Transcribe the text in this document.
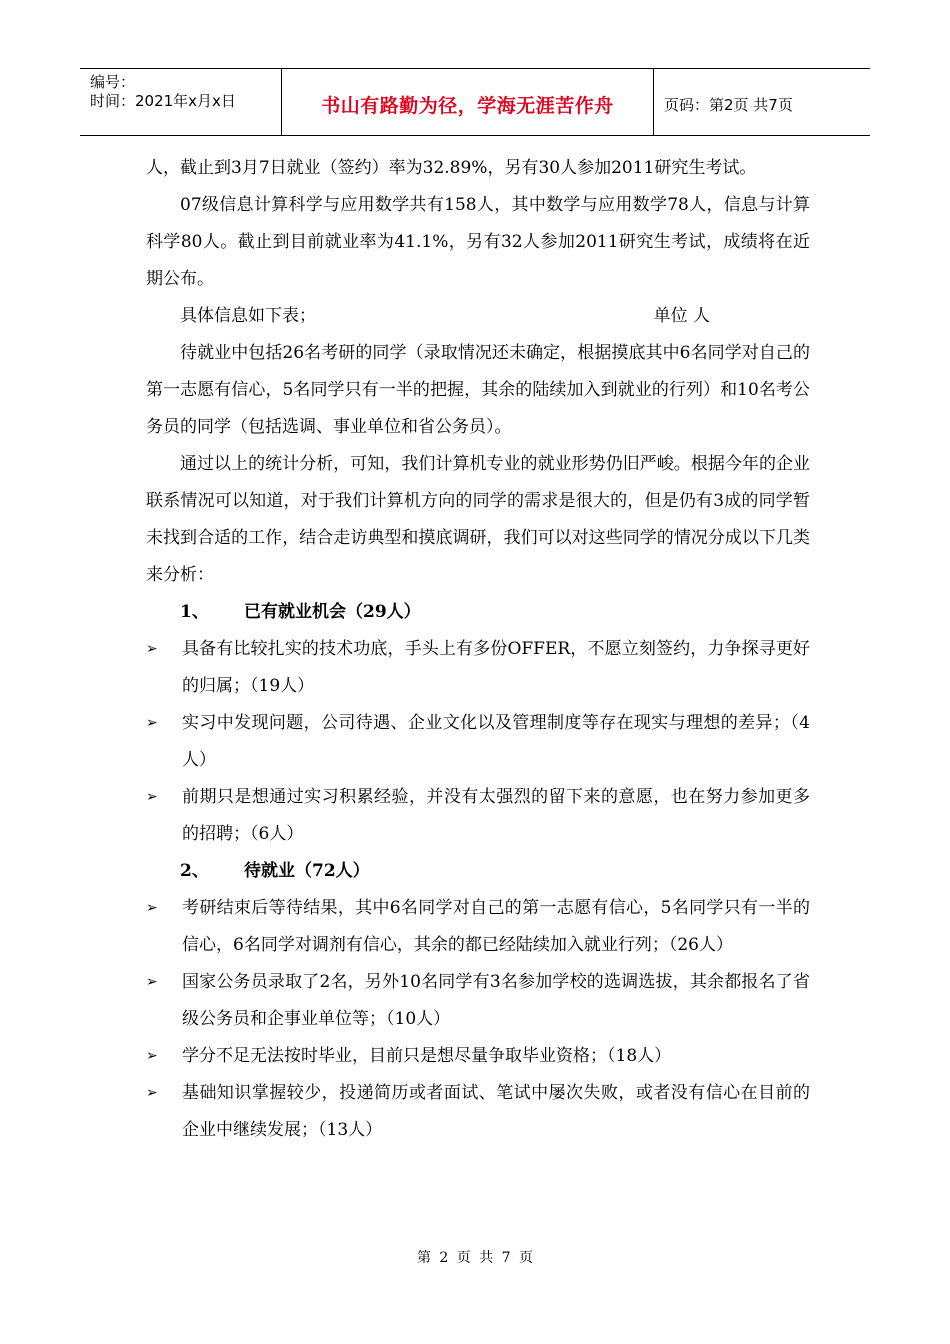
编号：
时间：2021年x月x日	书山有路勤为径，学海无涯苦作舟	页码：第2页 共7页

人，截止到3月7日就业（签约）率为32.89%，另有30人参加2011研究生考试。

07级信息计算科学与应用数学共有158人，其中数学与应用数学78人，信息与计算科学80人。截止到目前就业率为41.1%，另有32人参加2011研究生考试，成绩将在近期公布。

具体信息如下表；	单位 人

待就业中包括26名考研的同学（录取情况还未确定，根据摸底其中6名同学对自己的第一志愿有信心，5名同学只有一半的把握，其余的陆续加入到就业的行列）和10名考公务员的同学（包括选调、事业单位和省公务员）。

通过以上的统计分析，可知，我们计算机专业的就业形势仍旧严峻。根据今年的企业联系情况可以知道，对于我们计算机方向的同学的需求是很大的，但是仍有3成的同学暂未找到合适的工作，结合走访典型和摸底调研，我们可以对这些同学的情况分成以下几类来分析：

1、	已有就业机会（29人）

➢ 具备有比较扎实的技术功底，手头上有多份OFFER，不愿立刻签约，力争探寻更好的归属；（19人）

➢ 实习中发现问题，公司待遇、企业文化以及管理制度等存在现实与理想的差异；（4人）

➢ 前期只是想通过实习积累经验，并没有太强烈的留下来的意愿，也在努力参加更多的招聘；（6人）

2、	待就业（72人）

➢ 考研结束后等待结果，其中6名同学对自己的第一志愿有信心，5名同学只有一半的信心，6名同学对调剂有信心，其余的都已经陆续加入就业行列；（26人）

➢ 国家公务员录取了2名，另外10名同学有3名参加学校的选调选拔，其余都报名了省级公务员和企事业单位等；（10人）

➢ 学分不足无法按时毕业，目前只是想尽量争取毕业资格；（18人）

➢ 基础知识掌握较少，投递简历或者面试、笔试中屡次失败，或者没有信心在目前的企业中继续发展；（13人）

第 2 页 共 7 页
